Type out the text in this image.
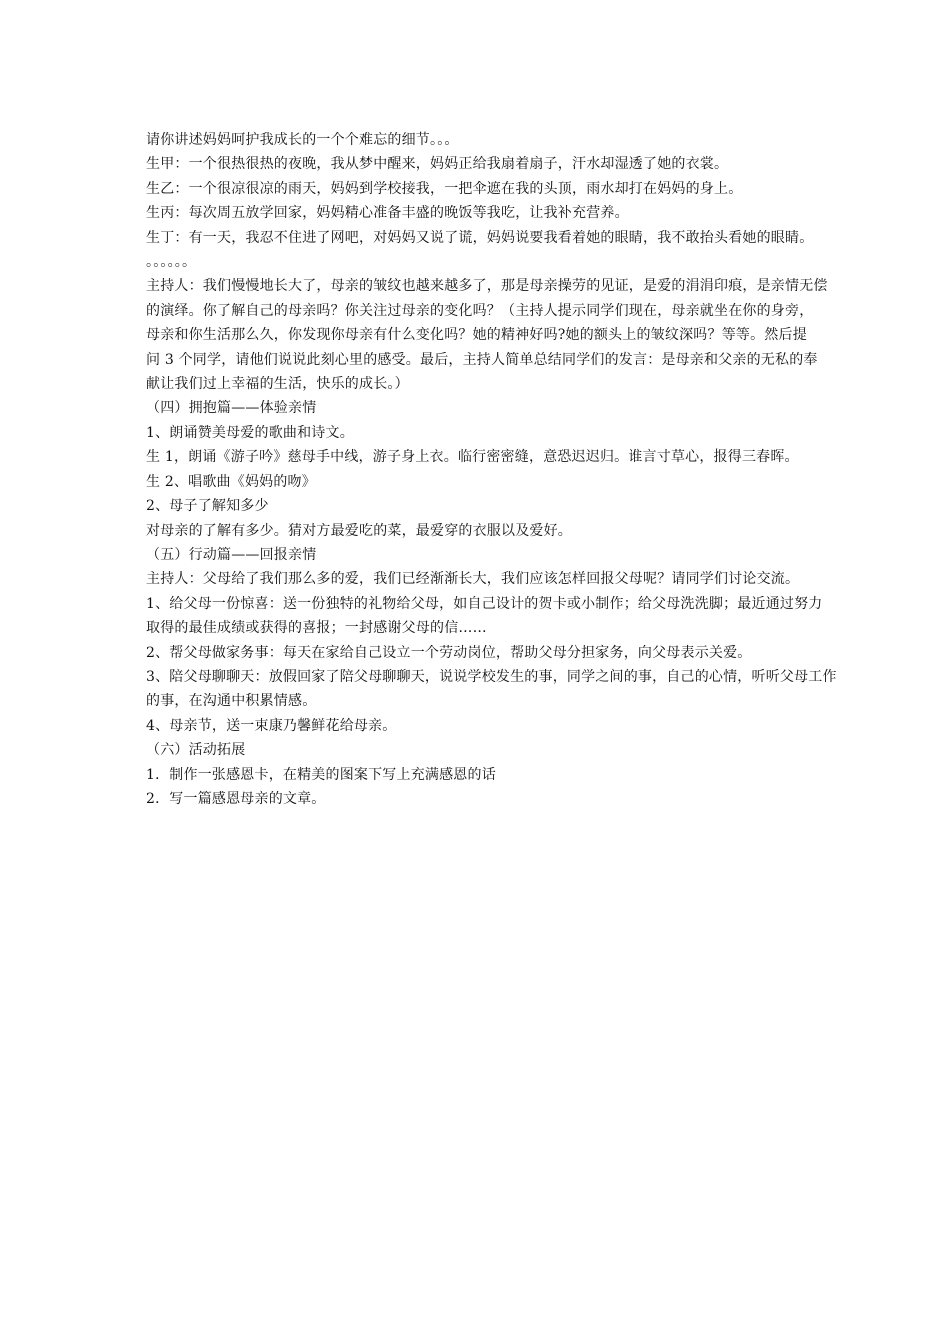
请你讲述妈妈呵护我成长的一个个难忘的细节。。。
生甲：一个很热很热的夜晚，我从梦中醒来，妈妈正给我扇着扇子，汗水却湿透了她的衣裳。
生乙：一个很凉很凉的雨天，妈妈到学校接我，一把伞遮在我的头顶，雨水却打在妈妈的身上。
生丙：每次周五放学回家，妈妈精心准备丰盛的晚饭等我吃，让我补充营养。
生丁：有一天，我忍不住进了网吧，对妈妈又说了谎，妈妈说要我看着她的眼睛，我不敢抬头看她的眼睛。
。。。。。。
主持人：我们慢慢地长大了，母亲的皱纹也越来越多了，那是母亲操劳的见证，是爱的涓涓印痕，是亲情无偿
的演绎。你了解自己的母亲吗？你关注过母亲的变化吗？（主持人提示同学们现在，母亲就坐在你的身旁，
母亲和你生活那么久，你发现你母亲有什么变化吗？她的精神好吗?她的额头上的皱纹深吗？等等。然后提
问 3 个同学，请他们说说此刻心里的感受。最后，主持人简单总结同学们的发言：是母亲和父亲的无私的奉
献让我们过上幸福的生活，快乐的成长。）
（四）拥抱篇——体验亲情
1、朗诵赞美母爱的歌曲和诗文。
生 1，朗诵《游子吟》慈母手中线，游子身上衣。临行密密缝，意恐迟迟归。谁言寸草心，报得三春晖。
生 2、唱歌曲《妈妈的吻》
2、母子了解知多少
对母亲的了解有多少。猜对方最爱吃的菜，最爱穿的衣服以及爱好。
（五）行动篇——回报亲情
主持人：父母给了我们那么多的爱，我们已经渐渐长大，我们应该怎样回报父母呢？请同学们讨论交流。
1、给父母一份惊喜：送一份独特的礼物给父母，如自己设计的贺卡或小制作；给父母洗洗脚；最近通过努力
取得的最佳成绩或获得的喜报；一封感谢父母的信……
2、帮父母做家务事：每天在家给自己设立一个劳动岗位，帮助父母分担家务，向父母表示关爱。
3、陪父母聊聊天：放假回家了陪父母聊聊天，说说学校发生的事，同学之间的事，自己的心情，听听父母工作
的事，在沟通中积累情感。
4、母亲节，送一束康乃馨鲜花给母亲。
（六）活动拓展
1．制作一张感恩卡，在精美的图案下写上充满感恩的话
2．写一篇感恩母亲的文章。
